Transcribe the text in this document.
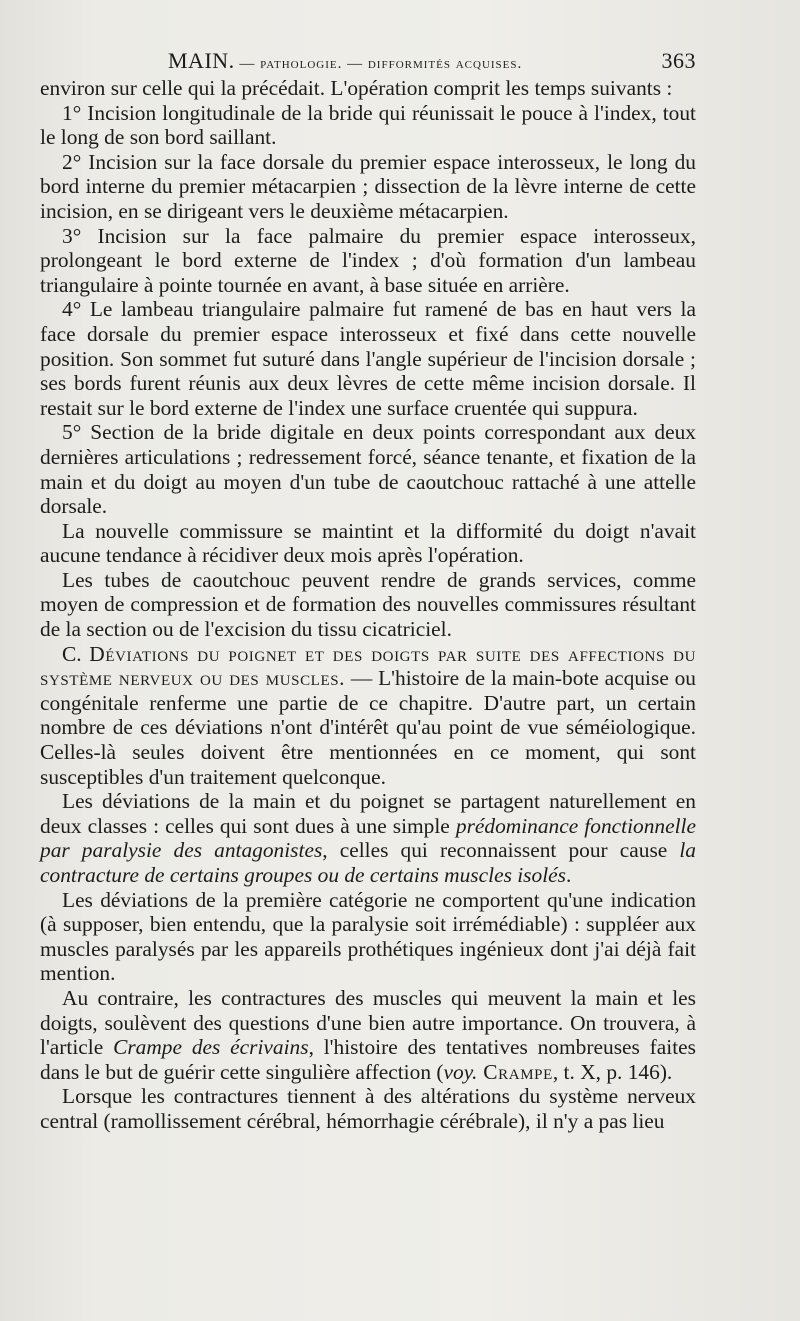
MAIN. — pathologie. — difformités acquises.	363

environ sur celle qui la précédait. L'opération comprit les temps suivants :

1° Incision longitudinale de la bride qui réunissait le pouce à l'index, tout le long de son bord saillant.

2° Incision sur la face dorsale du premier espace interosseux, le long du bord interne du premier métacarpien ; dissection de la lèvre interne de cette incision, en se dirigeant vers le deuxième métacarpien.

3° Incision sur la face palmaire du premier espace interosseux, prolongeant le bord externe de l'index ; d'où formation d'un lambeau triangulaire à pointe tournée en avant, à base située en arrière.

4° Le lambeau triangulaire palmaire fut ramené de bas en haut vers la face dorsale du premier espace interosseux et fixé dans cette nouvelle position. Son sommet fut suturé dans l'angle supérieur de l'incision dorsale ; ses bords furent réunis aux deux lèvres de cette même incision dorsale. Il restait sur le bord externe de l'index une surface cruentée qui suppura.

5° Section de la bride digitale en deux points correspondant aux deux dernières articulations ; redressement forcé, séance tenante, et fixation de la main et du doigt au moyen d'un tube de caoutchouc rattaché à une attelle dorsale.

La nouvelle commissure se maintint et la difformité du doigt n'avait aucune tendance à récidiver deux mois après l'opération.

Les tubes de caoutchouc peuvent rendre de grands services, comme moyen de compression et de formation des nouvelles commissures résultant de la section ou de l'excision du tissu cicatriciel.

C. Déviations du poignet et des doigts par suite des affections du système nerveux ou des muscles. — L'histoire de la main-bote acquise ou congénitale renferme une partie de ce chapitre. D'autre part, un certain nombre de ces déviations n'ont d'intérêt qu'au point de vue séméiologique. Celles-là seules doivent être mentionnées en ce moment, qui sont susceptibles d'un traitement quelconque.

Les déviations de la main et du poignet se partagent naturellement en deux classes : celles qui sont dues à une simple prédominance fonctionnelle par paralysie des antagonistes, celles qui reconnaissent pour cause la contracture de certains groupes ou de certains muscles isolés.

Les déviations de la première catégorie ne comportent qu'une indication (à supposer, bien entendu, que la paralysie soit irrémédiable) : suppléer aux muscles paralysés par les appareils prothétiques ingénieux dont j'ai déjà fait mention.

Au contraire, les contractures des muscles qui meuvent la main et les doigts, soulèvent des questions d'une bien autre importance. On trouvera, à l'article Crampe des écrivains, l'histoire des tentatives nombreuses faites dans le but de guérir cette singulière affection (voy. Crampe, t. X, p. 146).

Lorsque les contractures tiennent à des altérations du système nerveux central (ramollissement cérébral, hémorrhagie cérébrale), il n'y a pas lieu
